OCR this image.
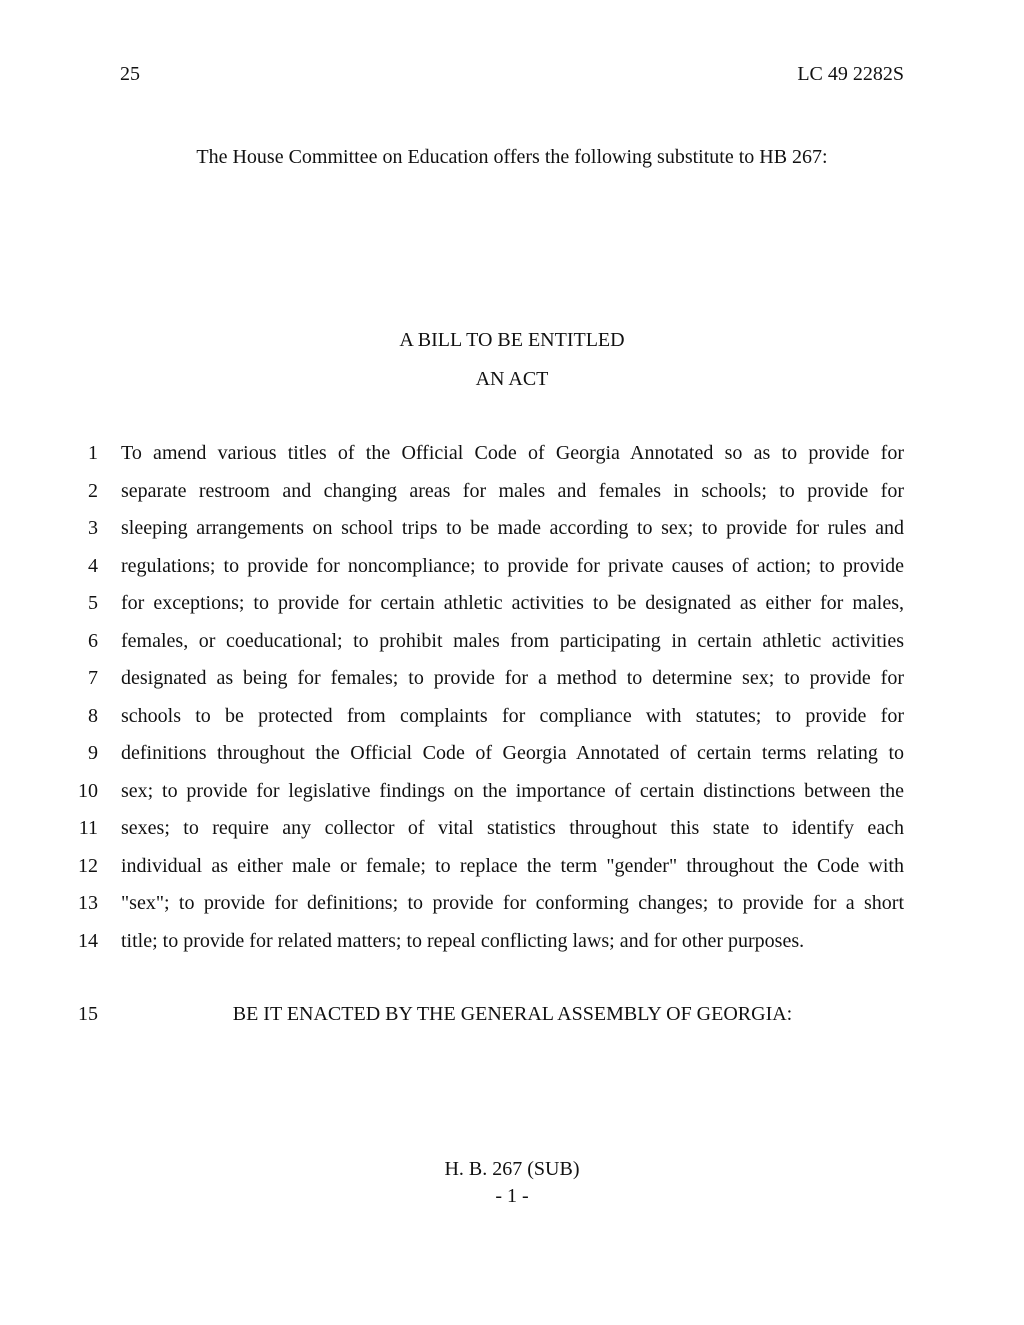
25	LC 49 2282S
The House Committee on Education offers the following substitute to HB 267:
A BILL TO BE ENTITLED
AN ACT
1 To amend various titles of the Official Code of Georgia Annotated so as to provide for
2 separate restroom and changing areas for males and females in schools; to provide for
3 sleeping arrangements on school trips to be made according to sex; to provide for rules and
4 regulations; to provide for noncompliance; to provide for private causes of action; to provide
5 for exceptions; to provide for certain athletic activities to be designated as either for males,
6 females, or coeducational; to prohibit males from participating in certain athletic activities
7 designated as being for females; to provide for a method to determine sex; to provide for
8 schools to be protected from complaints for compliance with statutes; to provide for
9 definitions throughout the Official Code of Georgia Annotated of certain terms relating to
10 sex; to provide for legislative findings on the importance of certain distinctions between the
11 sexes; to require any collector of vital statistics throughout this state to identify each
12 individual as either male or female; to replace the term "gender" throughout the Code with
13 "sex"; to provide for definitions; to provide for conforming changes; to provide for a short
14 title; to provide for related matters; to repeal conflicting laws; and for other purposes.
15	BE IT ENACTED BY THE GENERAL ASSEMBLY OF GEORGIA:
H. B. 267 (SUB)
- 1 -
